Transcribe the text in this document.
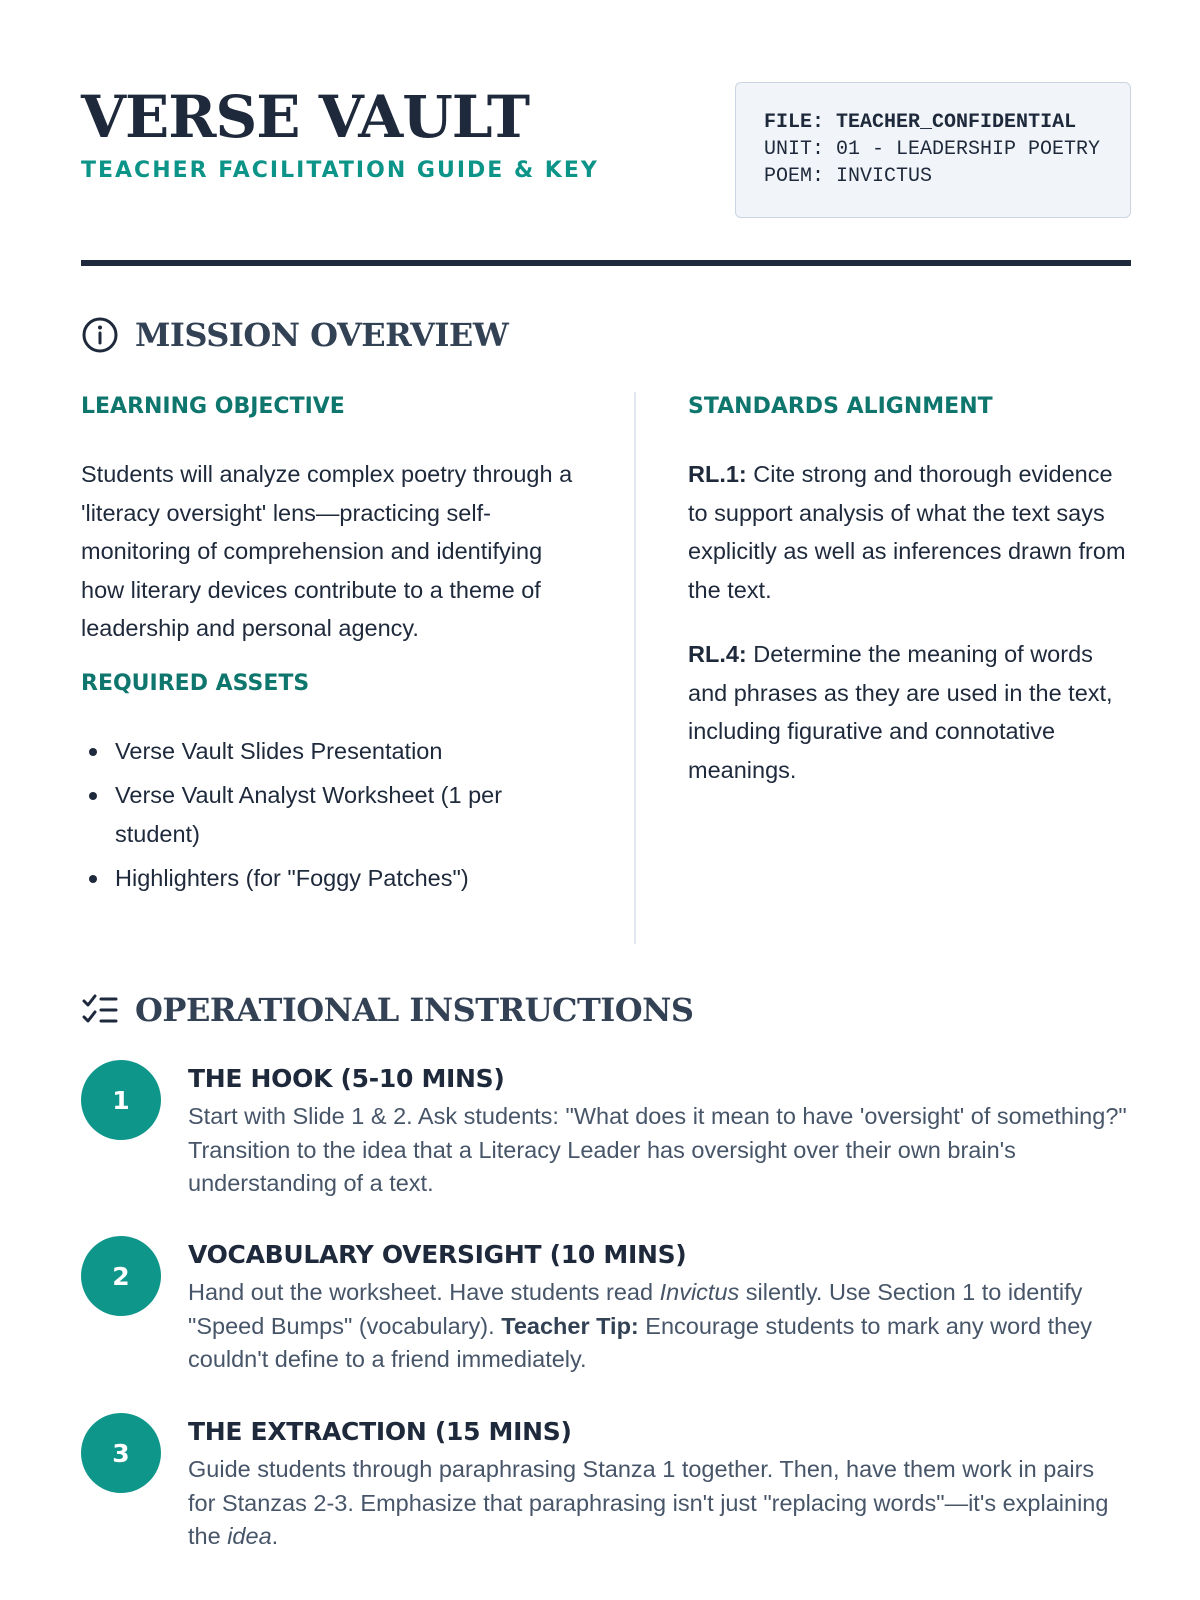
VERSE VAULT
TEACHER FACILITATION GUIDE & KEY
FILE: TEACHER_CONFIDENTIAL
UNIT: 01 - LEADERSHIP POETRY
POEM: INVICTUS
MISSION OVERVIEW
LEARNING OBJECTIVE

Students will analyze complex poetry through a 'literacy oversight' lens—practicing self-monitoring of comprehension and identifying how literary devices contribute to a theme of leadership and personal agency.

REQUIRED ASSETS
Verse Vault Slides Presentation
Verse Vault Analyst Worksheet (1 per student)
Highlighters (for "Foggy Patches")
STANDARDS ALIGNMENT

RL.1: Cite strong and thorough evidence to support analysis of what the text says explicitly as well as inferences drawn from the text.

RL.4: Determine the meaning of words and phrases as they are used in the text, including figurative and connotative meanings.

OPERATIONAL INSTRUCTIONS
1
THE HOOK (5-10 MINS)
Start with Slide 1 & 2. Ask students: "What does it mean to have 'oversight' of something?" Transition to the idea that a Literacy Leader has oversight over their own brain's understanding of a text.
2
VOCABULARY OVERSIGHT (10 MINS)
Hand out the worksheet. Have students read Invictus silently. Use Section 1 to identify "Speed Bumps" (vocabulary). Teacher Tip: Encourage students to mark any word they couldn't define to a friend immediately.
3
THE EXTRACTION (15 MINS)
Guide students through paraphrasing Stanza 1 together. Then, have them work in pairs for Stanzas 2-3. Emphasize that paraphrasing isn't just "replacing words"—it's explaining the idea.
